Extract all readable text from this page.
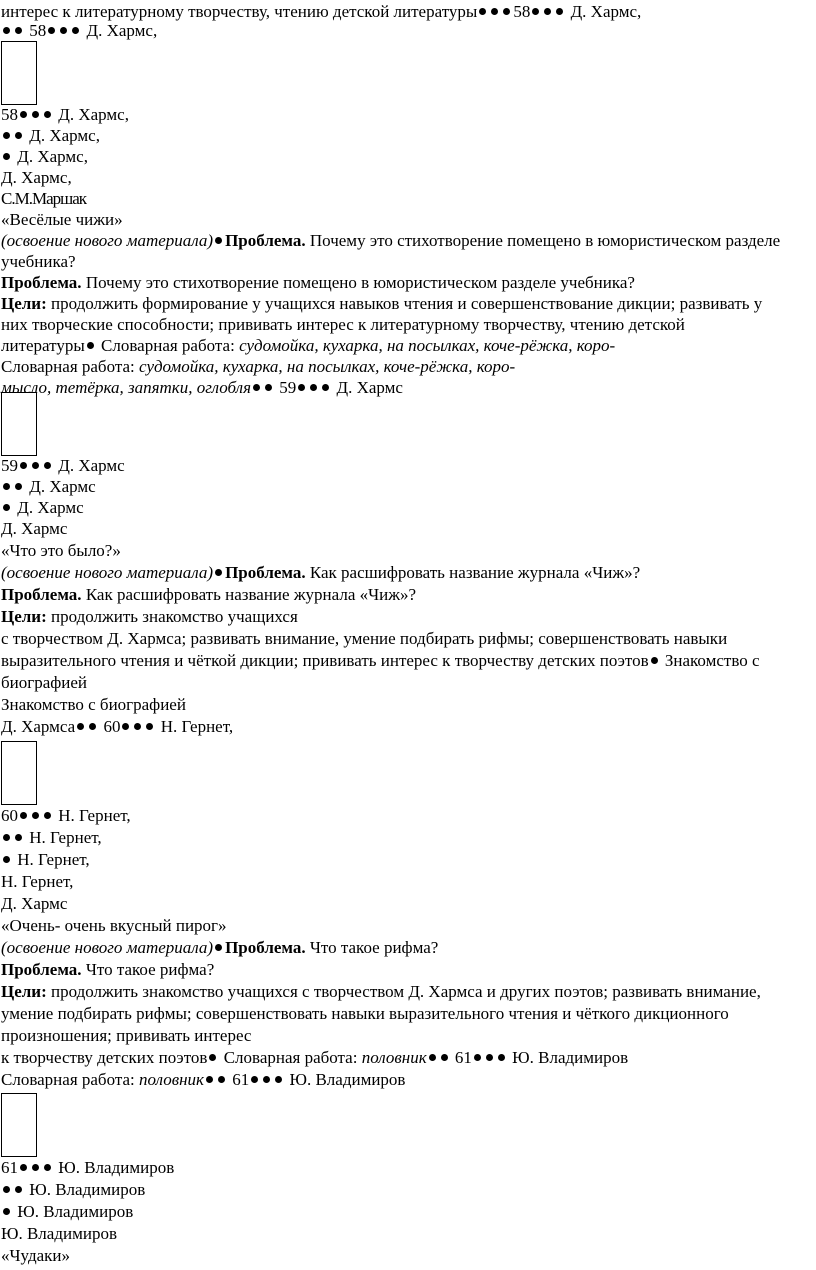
интерес к литературному творчеству, чтению детской литературы 58 Д. Хармс,
58 Д. Хармс,
58 Д. Хармс,
Д. Хармс,
Д. Хармс,
Д. Хармс,
С.М.Маршак
«Весёлые чижи»
(освоение нового материала) Проблема. Почему это стихотворение помещено в юмористическом разделе
учебника?
Проблема. Почему это стихотворение помещено в юмористическом разделе учебника?
Цели: продолжить формирование у учащихся навыков чтения и совершенствование дикции; развивать у
них творческие способности; прививать интерес к литературному творчеству, чтению детской
литературы Словарная работа: судомойка, кухарка, на посылках, коче-рёжка, коро-
Словарная работа: судомойка, кухарка, на посылках, коче-рёжка, коро-
мысло, тетёрка, запятки, оглобля 59 Д. Хармс
59 Д. Хармс
Д. Хармс
Д. Хармс
Д. Хармс
«Что это было?»
(освоение нового материала) Проблема. Как расшифровать название журнала «Чиж»?
Проблема. Как расшифровать название журнала «Чиж»?
Цели: продолжить знакомство учащихся
с творчеством Д. Хармса; развивать внимание, умение подбирать рифмы; совершенствовать навыки
выразительного чтения и чёткой дикции; прививать интерес к творчеству детских поэтов Знакомство с
биографией
Знакомство с биографией
Д. Хармса 60 Н. Гернет,
60 Н. Гернет,
Н. Гернет,
Н. Гернет,
Н. Гернет,
Д. Хармс
«Очень- очень вкусный пирог»
(освоение нового материала) Проблема. Что такое рифма?
Проблема. Что такое рифма?
Цели: продолжить знакомство учащихся с творчеством Д. Хармса и других поэтов; развивать внимание,
умение подбирать рифмы; совершенствовать навыки выразительного чтения и чёткого дикционного
произношения; прививать интерес
к творчеству детских поэтов Словарная работа: половник 61 Ю. Владимиров
Словарная работа: половник 61 Ю. Владимиров
61 Ю. Владимиров
Ю. Владимиров
Ю. Владимиров
Ю. Владимиров
«Чудаки»
